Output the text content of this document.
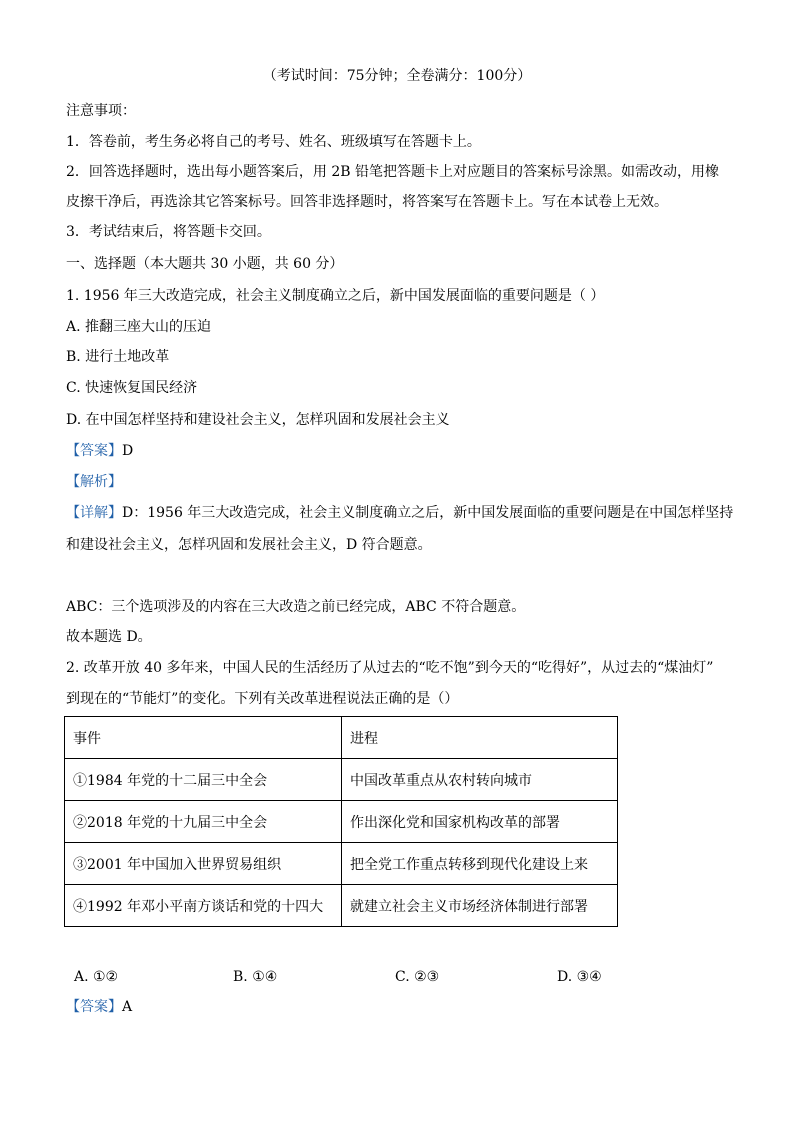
（考试时间：75分钟；全卷满分：100分）
注意事项：
1．答卷前，考生务必将自己的考号、姓名、班级填写在答题卡上。
2．回答选择题时，选出每小题答案后，用 2B 铅笔把答题卡上对应题目的答案标号涂黑。如需改动，用橡
皮擦干净后，再选涂其它答案标号。回答非选择题时，将答案写在答题卡上。写在本试卷上无效。
3．考试结束后，将答题卡交回。
一、选择题（本大题共 30 小题，共 60 分）
1. 1956 年三大改造完成，社会主义制度确立之后，新中国发展面临的重要问题是（ ）
A. 推翻三座大山的压迫
B. 进行土地改革
C. 快速恢复国民经济
D. 在中国怎样坚持和建设社会主义，怎样巩固和发展社会主义
【答案】D
【解析】
【详解】D：1956 年三大改造完成，社会主义制度确立之后，新中国发展面临的重要问题是在中国怎样坚持
和建设社会主义，怎样巩固和发展社会主义，D 符合题意。
ABC：三个选项涉及的内容在三大改造之前已经完成，ABC 不符合题意。
故本题选 D。
2. 改革开放 40 多年来，中国人民的生活经历了从过去的“吃不饱”到今天的“吃得好”，从过去的“煤油灯”
到现在的“节能灯”的变化。下列有关改革进程说法正确的是（）
事件	进程
①1984 年党的十二届三中全会	中国改革重点从农村转向城市
②2018 年党的十九届三中全会	作出深化党和国家机构改革的部署
③2001 年中国加入世界贸易组织	把全党工作重点转移到现代化建设上来
④1992 年邓小平南方谈话和党的十四大	就建立社会主义市场经济体制进行部署
A. ①②	B. ①④	C. ②③	D. ③④
【答案】A
